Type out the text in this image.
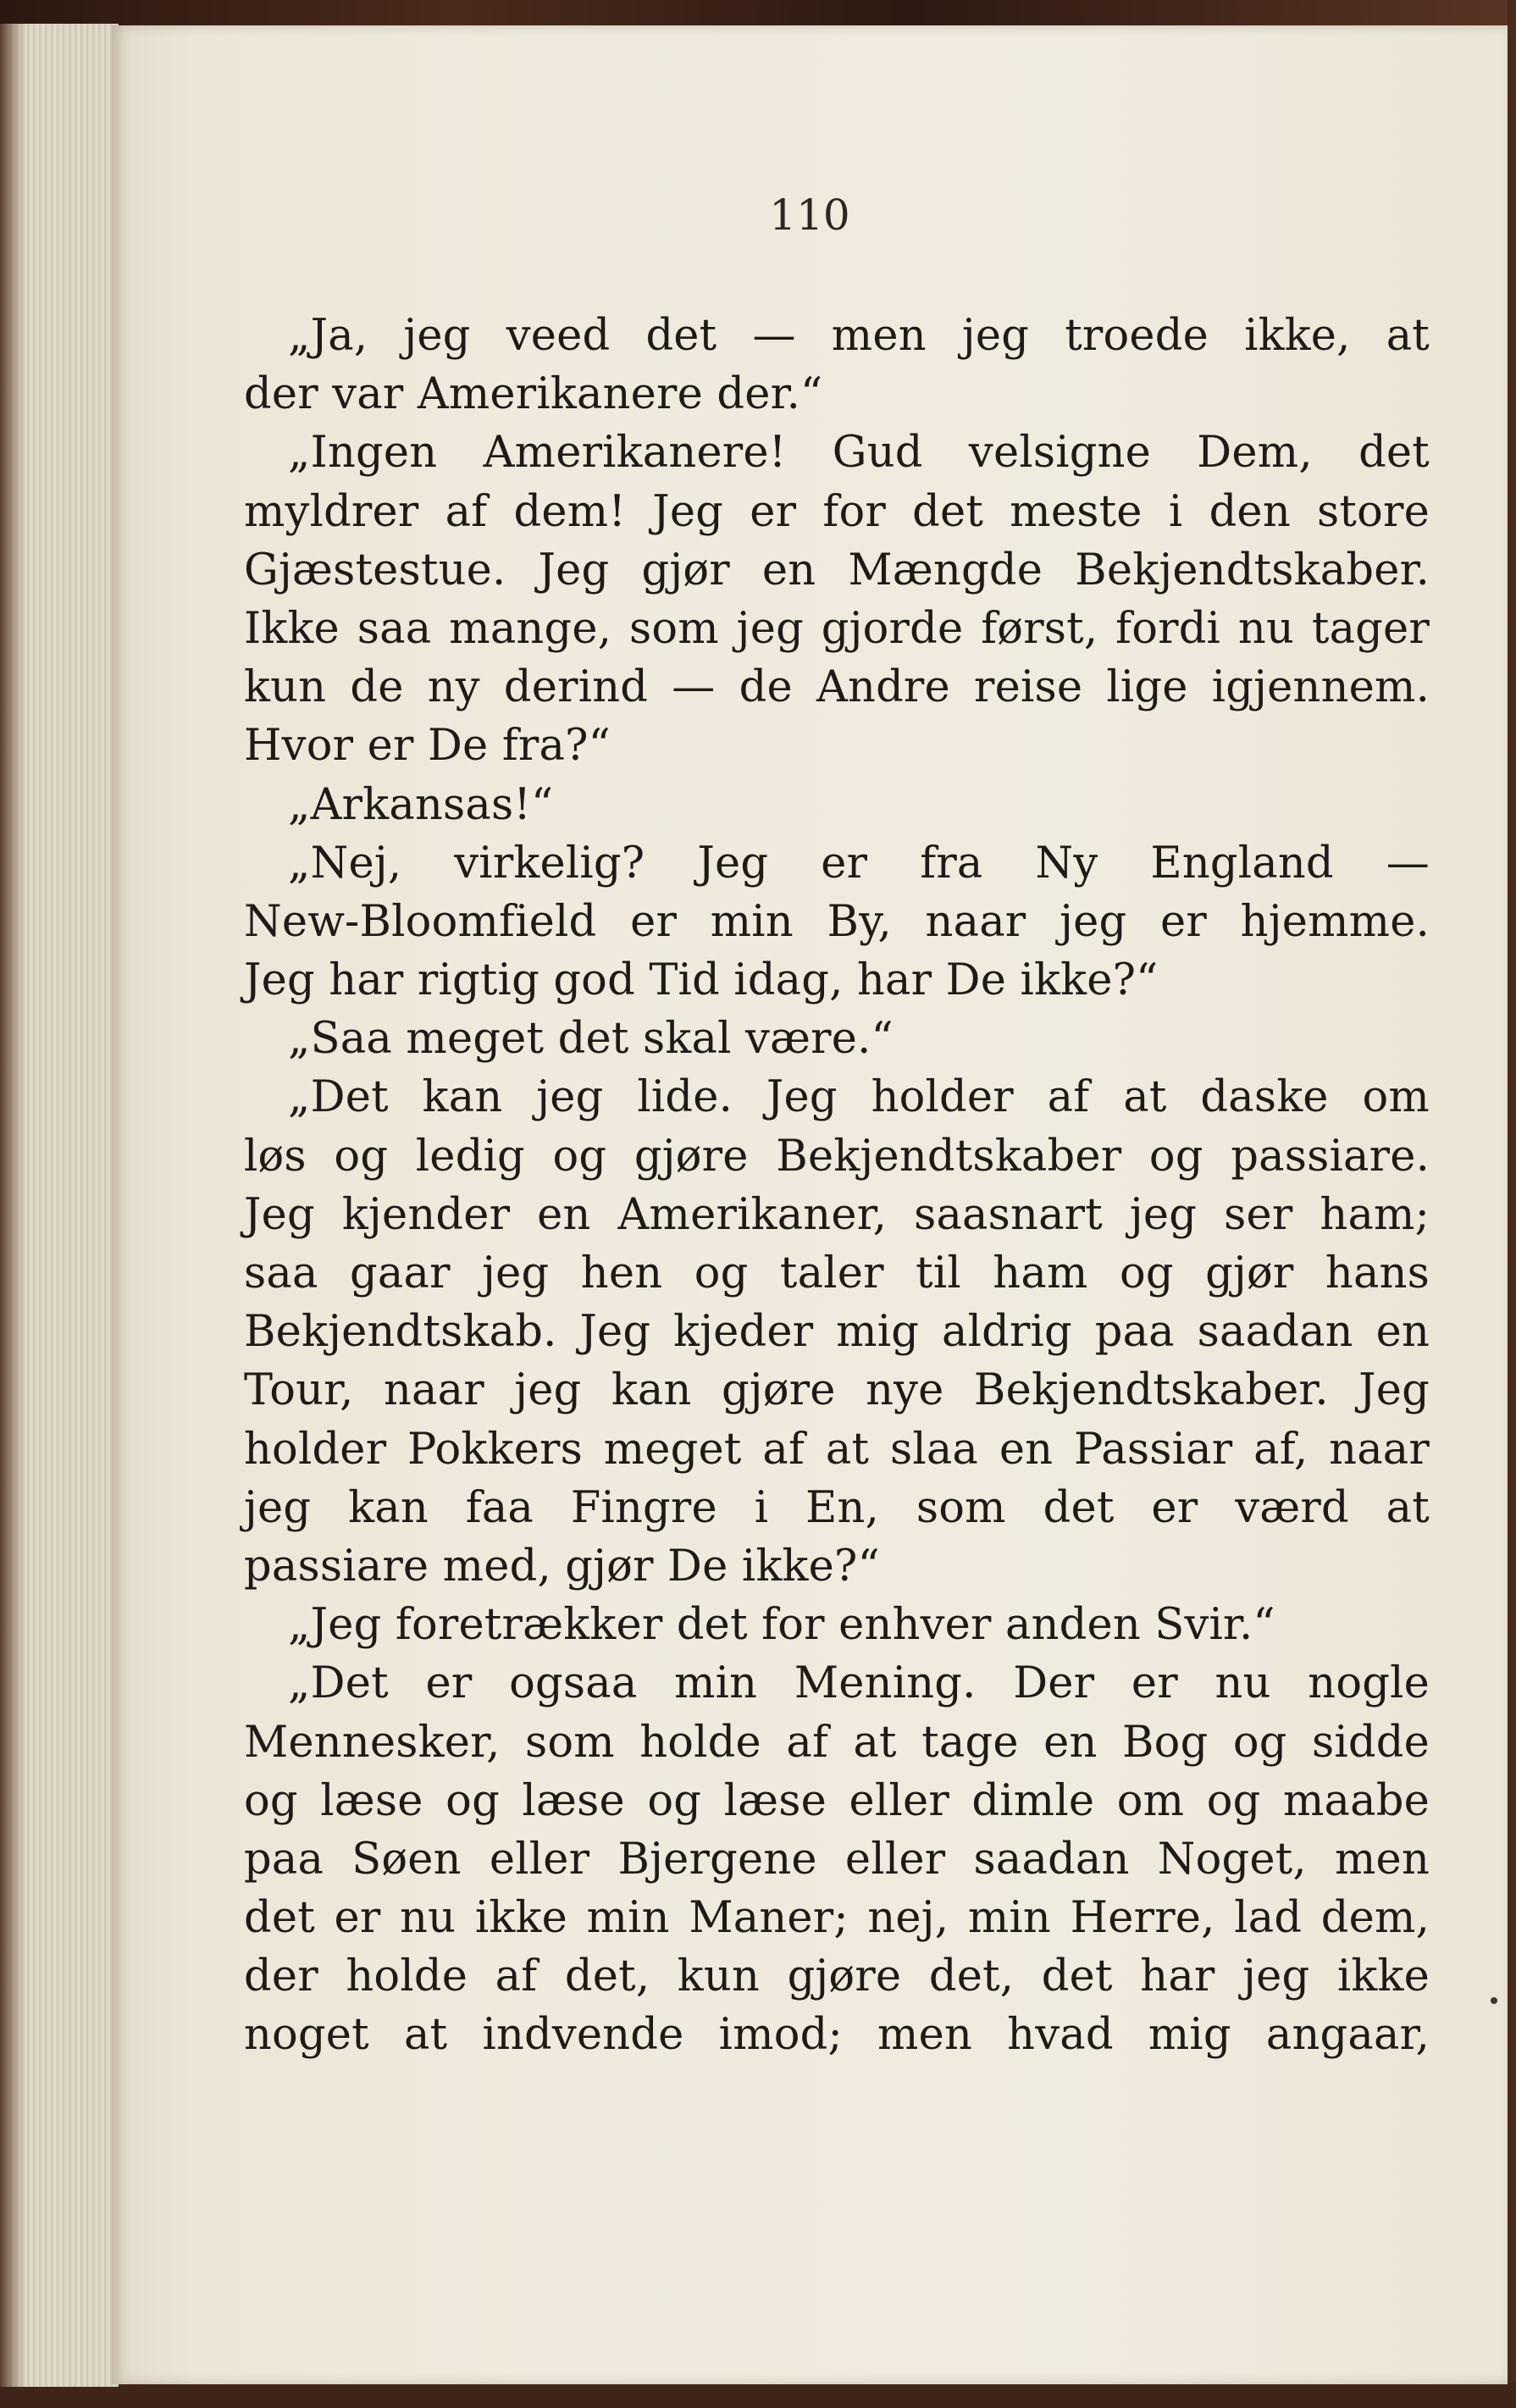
110
„Ja, jeg veed det — men jeg troede ikke, at
der var Amerikanere der.“
„Ingen Amerikanere! Gud velsigne Dem, det
myldrer af dem! Jeg er for det meste i den store
Gjæstestue. Jeg gjør en Mængde Bekjendtskaber.
Ikke saa mange, som jeg gjorde først, fordi nu tager
kun de ny derind — de Andre reise lige igjennem.
Hvor er De fra?“
„Arkansas!“
„Nej, virkelig? Jeg er fra Ny England —
New-Bloomfield er min By, naar jeg er hjemme.
Jeg har rigtig god Tid idag, har De ikke?“
„Saa meget det skal være.“
„Det kan jeg lide. Jeg holder af at daske om
løs og ledig og gjøre Bekjendtskaber og passiare.
Jeg kjender en Amerikaner, saasnart jeg ser ham;
saa gaar jeg hen og taler til ham og gjør hans
Bekjendtskab. Jeg kjeder mig aldrig paa saadan en
Tour, naar jeg kan gjøre nye Bekjendtskaber. Jeg
holder Pokkers meget af at slaa en Passiar af, naar
jeg kan faa Fingre i En, som det er værd at
passiare med, gjør De ikke?“
„Jeg foretrækker det for enhver anden Svir.“
„Det er ogsaa min Mening. Der er nu nogle
Mennesker, som holde af at tage en Bog og sidde
og læse og læse og læse eller dimle om og maabe
paa Søen eller Bjergene eller saadan Noget, men
det er nu ikke min Maner; nej, min Herre, lad dem,
der holde af det, kun gjøre det, det har jeg ikke
noget at indvende imod; men hvad mig angaar,
